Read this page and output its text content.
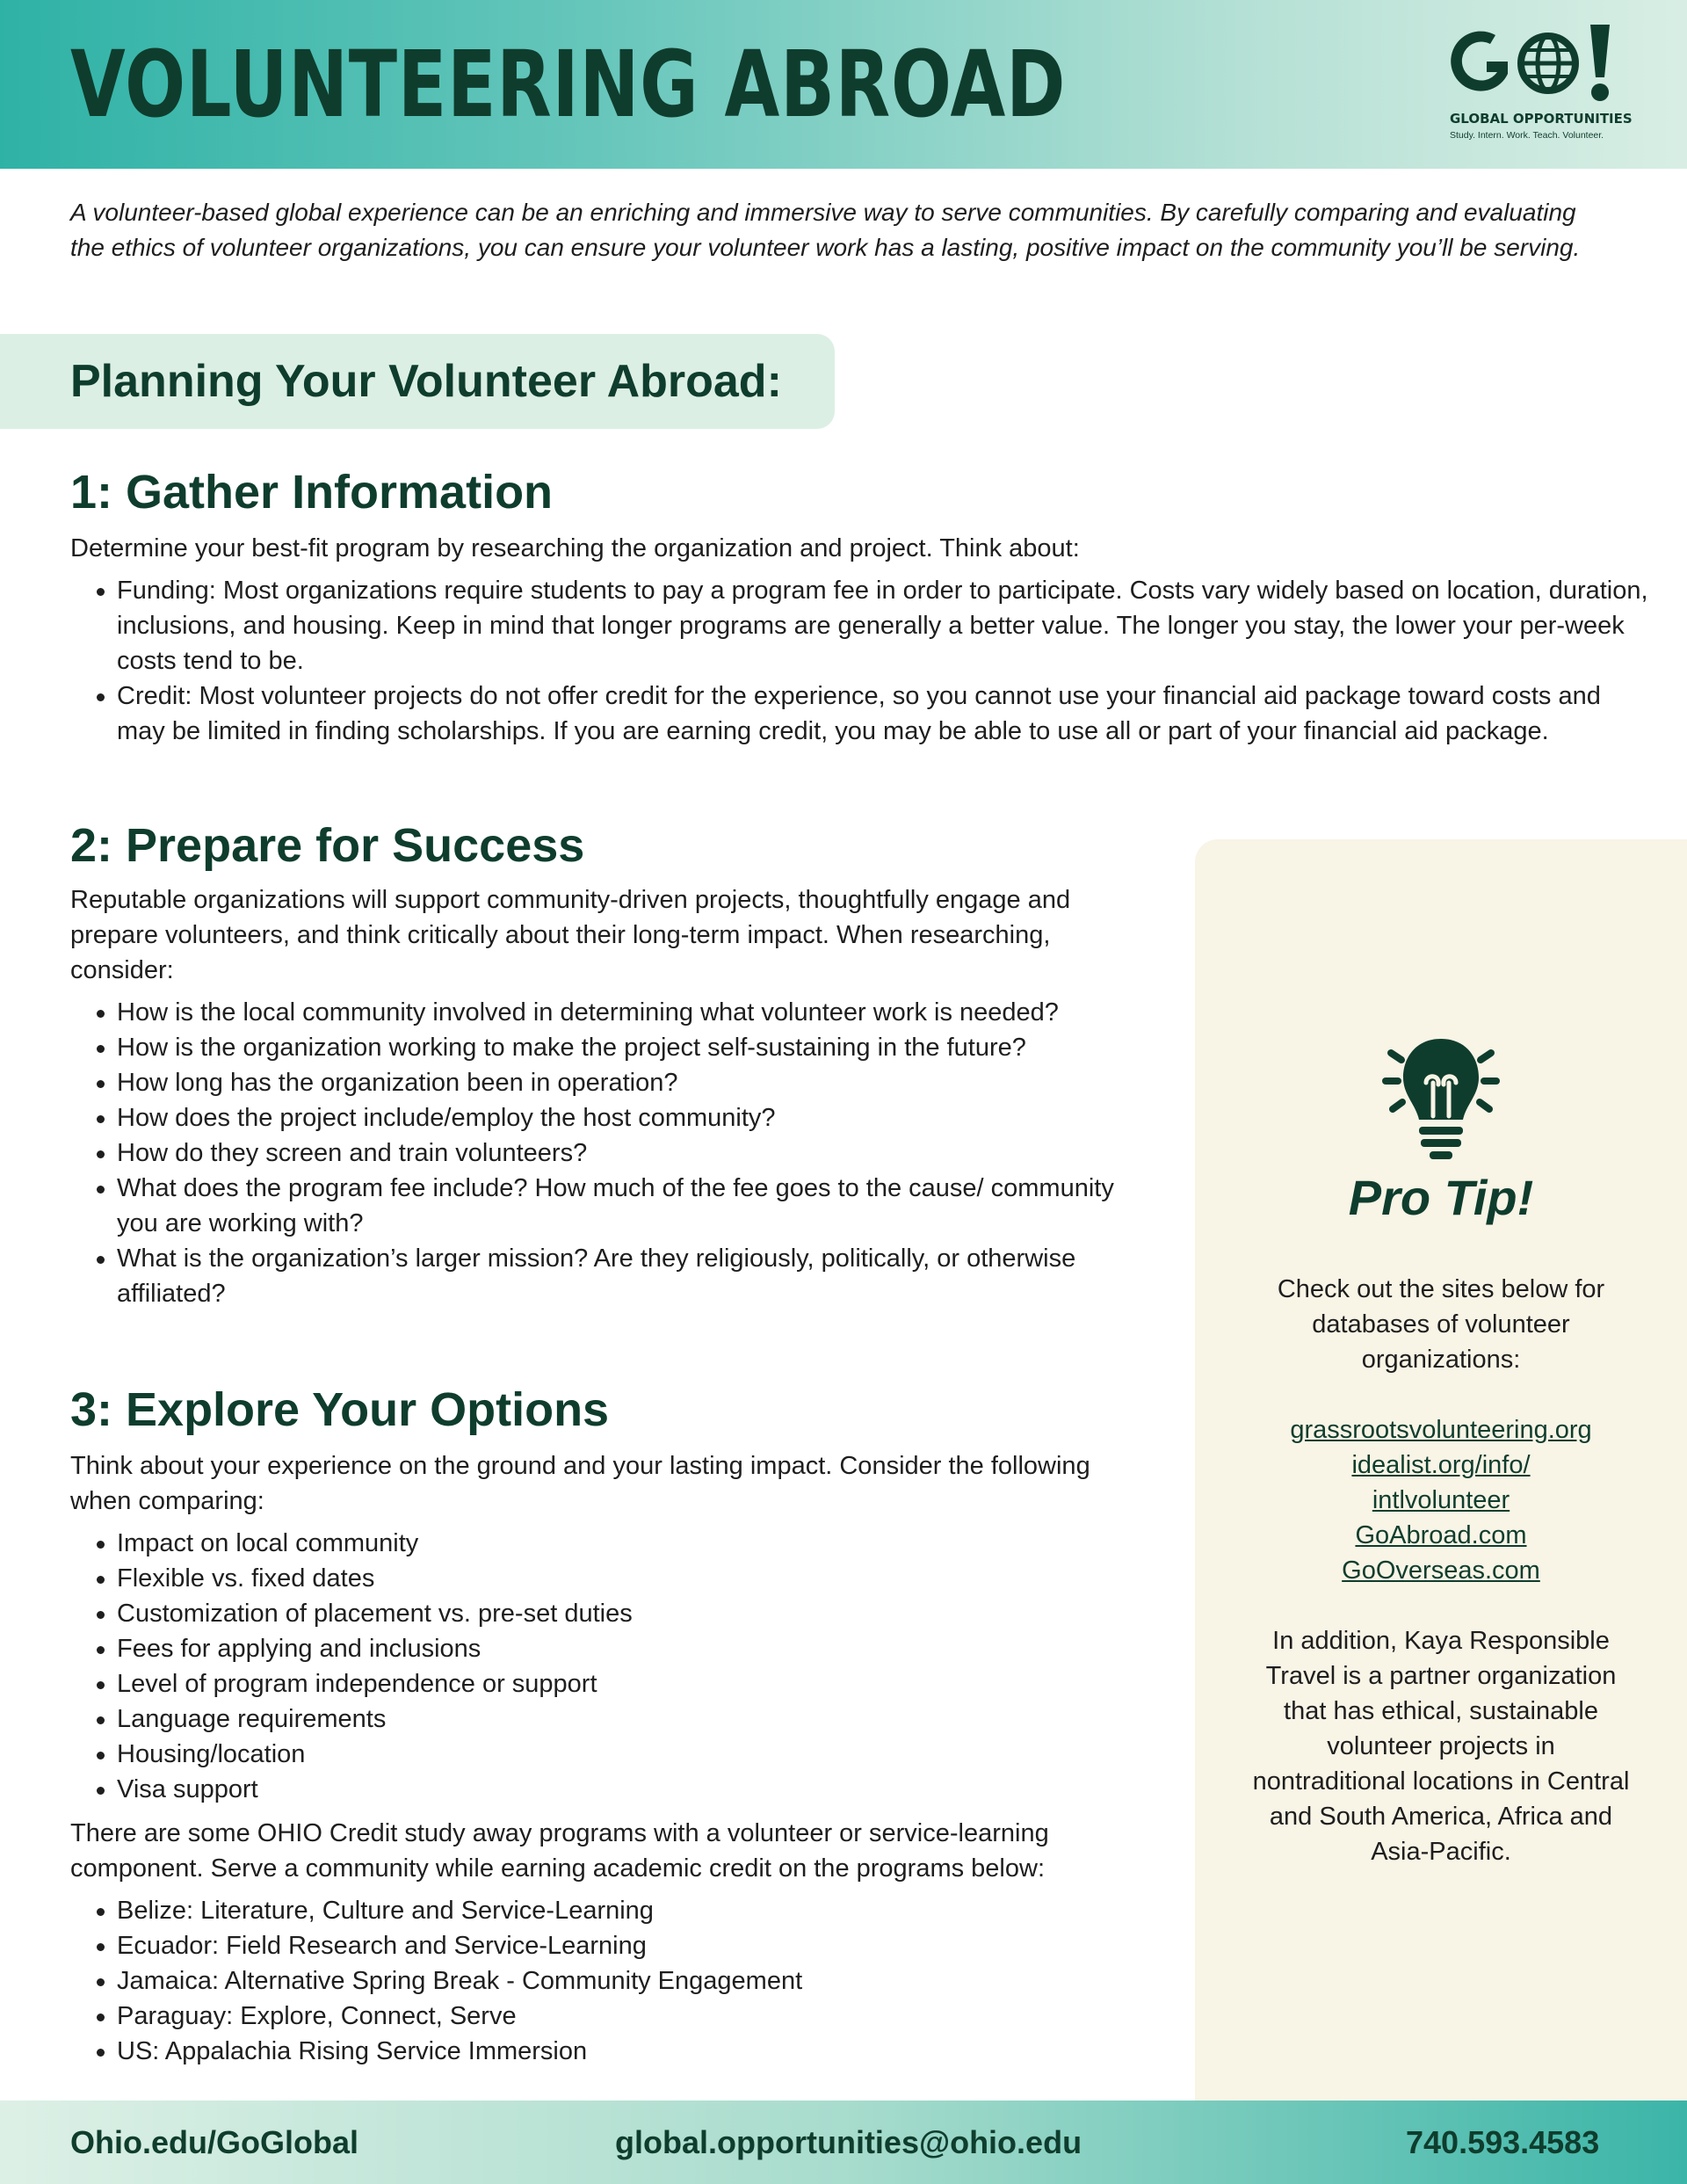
VOLUNTEERING ABROAD	GLOBAL OPPORTUNITIES
Study. Intern. Work. Teach. Volunteer.

A volunteer-based global experience can be an enriching and immersive way to serve communities. By carefully comparing and evaluating the ethics of volunteer organizations, you can ensure your volunteer work has a lasting, positive impact on the community you’ll be serving.

Planning Your Volunteer Abroad:
1: Gather Information

Determine your best-fit program by researching the organization and project. Think about:

Funding: Most organizations require students to pay a program fee in order to participate. Costs vary widely based on location, duration, inclusions, and housing. Keep in mind that longer programs are generally a better value. The longer you stay, the lower your per-week costs tend to be.
Credit: Most volunteer projects do not offer credit for the experience, so you cannot use your financial aid package toward costs and may be limited in finding scholarships. If you are earning credit, you may be able to use all or part of your financial aid package.
2: Prepare for Success

Reputable organizations will support community-driven projects, thoughtfully engage and prepare volunteers, and think critically about their long-term impact. When researching, consider:

How is the local community involved in determining what volunteer work is needed?
How is the organization working to make the project self-sustaining in the future?
How long has the organization been in operation?
How does the project include/employ the host community?
How do they screen and train volunteers?
What does the program fee include? How much of the fee goes to the cause/ community you are working with?
What is the organization’s larger mission? Are they religiously, politically, or otherwise affiliated?
3: Explore Your Options

Think about your experience on the ground and your lasting impact. Consider the following when comparing:

Impact on local community
Flexible vs. fixed dates
Customization of placement vs. pre-set duties
Fees for applying and inclusions
Level of program independence or support
Language requirements
Housing/location
Visa support

There are some OHIO Credit study away programs with a volunteer or service-learning component. Serve a community while earning academic credit on the programs below:

Belize: Literature, Culture and Service-Learning
Ecuador: Field Research and Service-Learning
Jamaica: Alternative Spring Break - Community Engagement
Paraguay: Explore, Connect, Serve
US: Appalachia Rising Service Immersion
Pro Tip!

Check out the sites below for databases of volunteer organizations:

grassrootsvolunteering.org
idealist.org/info/ intlvolunteer
GoAbroad.com
GoOverseas.com

In addition, Kaya Responsible Travel is a partner organization that has ethical, sustainable volunteer projects in nontraditional locations in Central and South America, Africa and Asia-Pacific.

Ohio.edu/GoGlobal	global.opportunities@ohio.edu	740.593.4583
